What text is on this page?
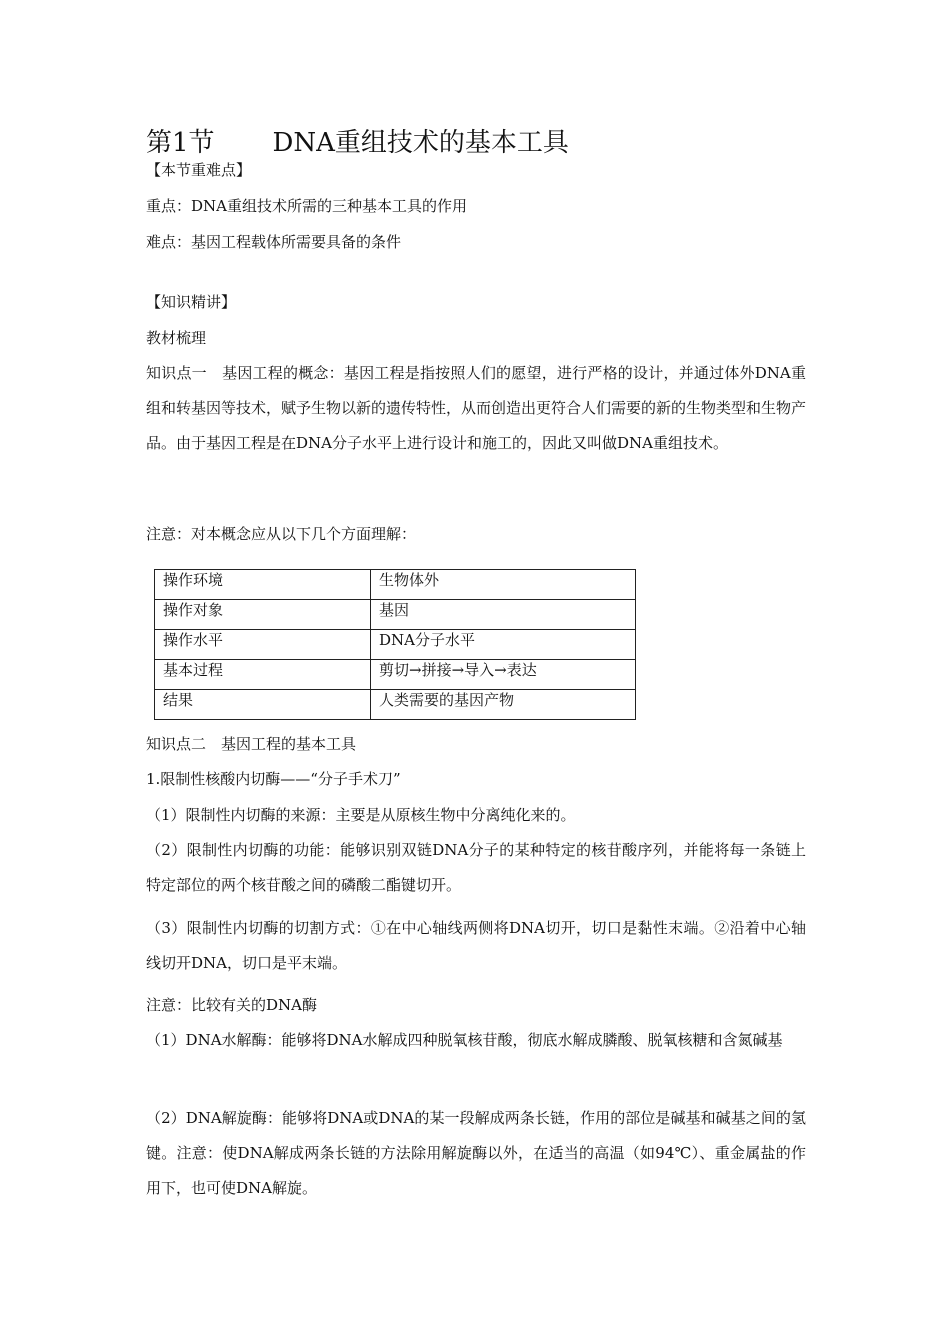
第1节 DNA重组技术的基本工具
【本节重难点】
重点：DNA重组技术所需的三种基本工具的作用
难点：基因工程载体所需要具备的条件
【知识精讲】
教材梳理
知识点一　基因工程的概念：基因工程是指按照人们的愿望，进行严格的设计，并通过体外DNA重组和转基因等技术，赋予生物以新的遗传特性，从而创造出更符合人们需要的新的生物类型和生物产品。由于基因工程是在DNA分子水平上进行设计和施工的，因此又叫做DNA重组技术。
注意：对本概念应从以下几个方面理解：
操作环境	生物体外
操作对象	基因
操作水平	DNA分子水平
基本过程	剪切→拼接→导入→表达
结果	人类需要的基因产物
知识点二　基因工程的基本工具
1.限制性核酸内切酶——“分子手术刀”
（1）限制性内切酶的来源：主要是从原核生物中分离纯化来的。
（2）限制性内切酶的功能：能够识别双链DNA分子的某种特定的核苷酸序列，并能将每一条链上特定部位的两个核苷酸之间的磷酸二酯键切开。
（3）限制性内切酶的切割方式：①在中心轴线两侧将DNA切开，切口是黏性末端。②沿着中心轴线切开DNA，切口是平末端。
注意：比较有关的DNA酶
（1）DNA水解酶：能够将DNA水解成四种脱氧核苷酸，彻底水解成膦酸、脱氧核糖和含氮碱基
（2）DNA解旋酶：能够将DNA或DNA的某一段解成两条长链，作用的部位是碱基和碱基之间的氢键。注意：使DNA解成两条长链的方法除用解旋酶以外，在适当的高温（如94℃）、重金属盐的作用下，也可使DNA解旋。
